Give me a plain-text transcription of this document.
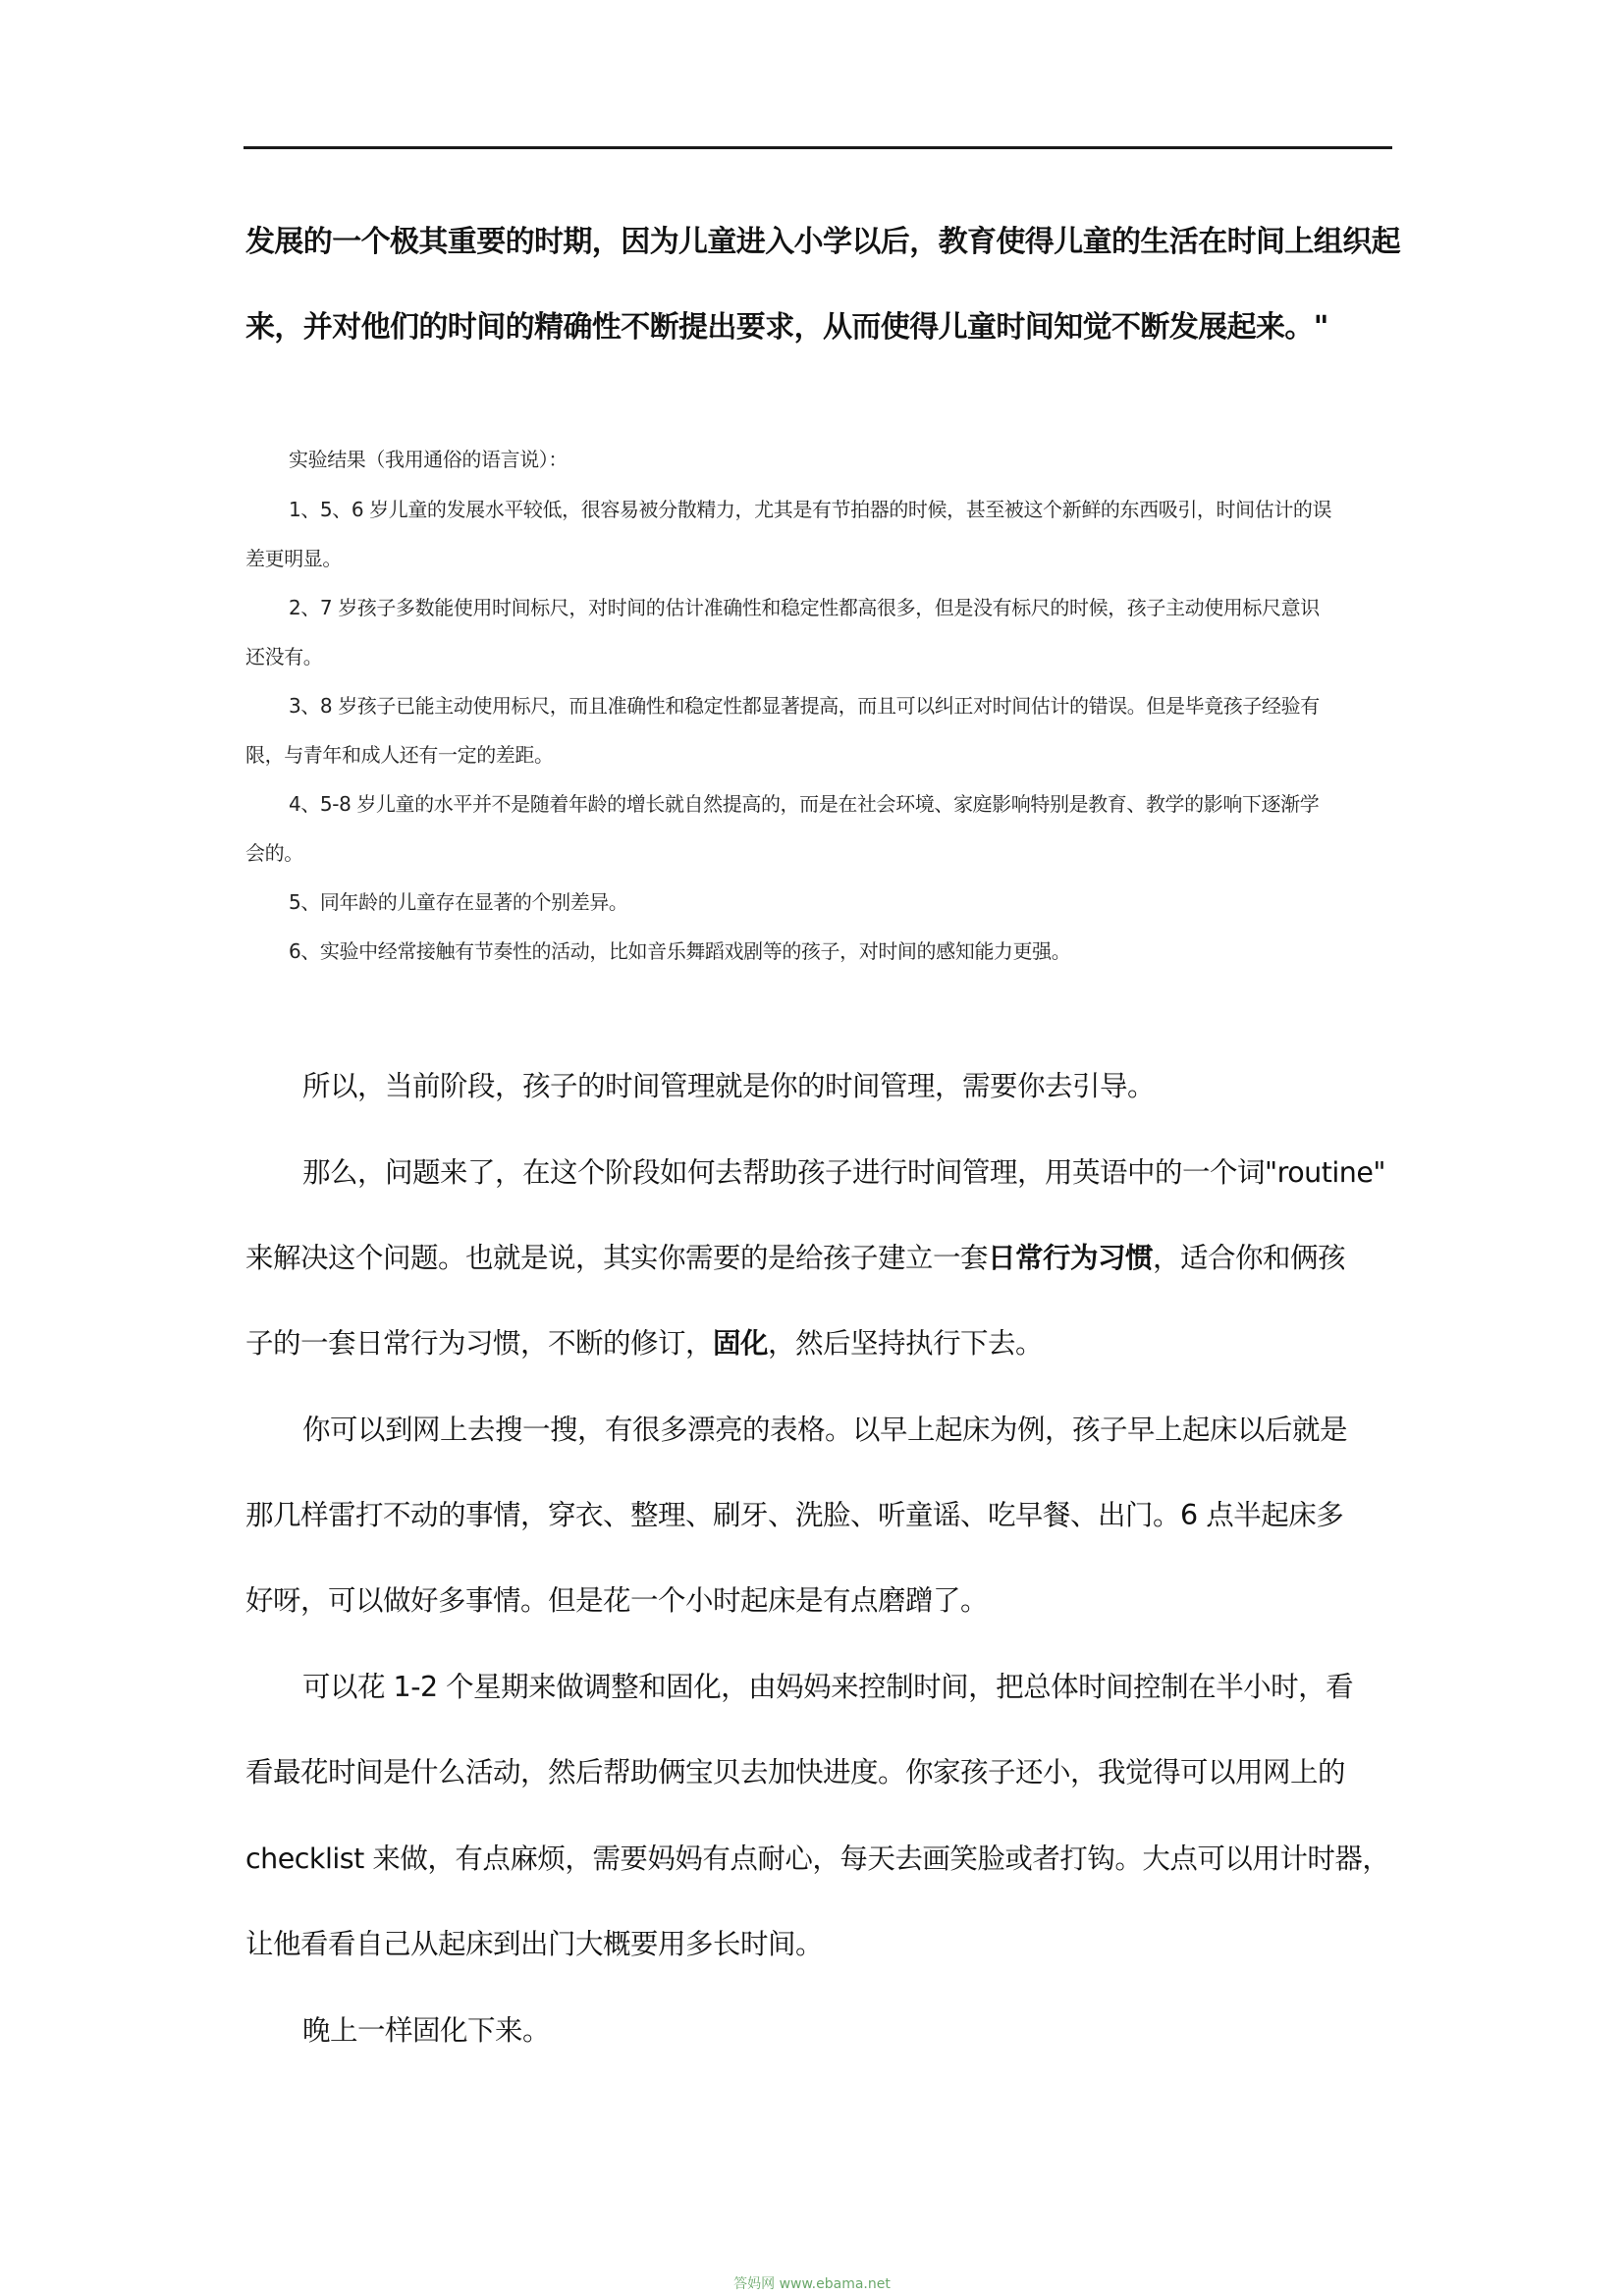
发展的一个极其重要的时期，因为儿童进入小学以后，教育使得儿童的生活在时间上组织起
来，并对他们的时间的精确性不断提出要求，从而使得儿童时间知觉不断发展起来。"
实验结果（我用通俗的语言说）：
1、5、6 岁儿童的发展水平较低，很容易被分散精力，尤其是有节拍器的时候，甚至被这个新鲜的东西吸引，时间估计的误
差更明显。
2、7 岁孩子多数能使用时间标尺，对时间的估计准确性和稳定性都高很多，但是没有标尺的时候，孩子主动使用标尺意识
还没有。
3、8 岁孩子已能主动使用标尺，而且准确性和稳定性都显著提高，而且可以纠正对时间估计的错误。但是毕竟孩子经验有
限，与青年和成人还有一定的差距。
4、5-8 岁儿童的水平并不是随着年龄的增长就自然提高的，而是在社会环境、家庭影响特别是教育、教学的影响下逐渐学
会的。
5、同年龄的儿童存在显著的个别差异。
6、实验中经常接触有节奏性的活动，比如音乐舞蹈戏剧等的孩子，对时间的感知能力更强。
所以，当前阶段，孩子的时间管理就是你的时间管理，需要你去引导。
那么，问题来了，在这个阶段如何去帮助孩子进行时间管理，用英语中的一个词"routine"
来解决这个问题。也就是说，其实你需要的是给孩子建立一套日常行为习惯，适合你和俩孩
子的一套日常行为习惯，不断的修订，固化，然后坚持执行下去。
你可以到网上去搜一搜，有很多漂亮的表格。以早上起床为例，孩子早上起床以后就是
那几样雷打不动的事情，穿衣、整理、刷牙、洗脸、听童谣、吃早餐、出门。6 点半起床多
好呀，可以做好多事情。但是花一个小时起床是有点磨蹭了。
可以花 1-2 个星期来做调整和固化，由妈妈来控制时间，把总体时间控制在半小时，看
看最花时间是什么活动，然后帮助俩宝贝去加快进度。你家孩子还小，我觉得可以用网上的
checklist 来做，有点麻烦，需要妈妈有点耐心，每天去画笑脸或者打钩。大点可以用计时器，
让他看看自己从起床到出门大概要用多长时间。
晚上一样固化下来。
答妈网 www.ebama.net
